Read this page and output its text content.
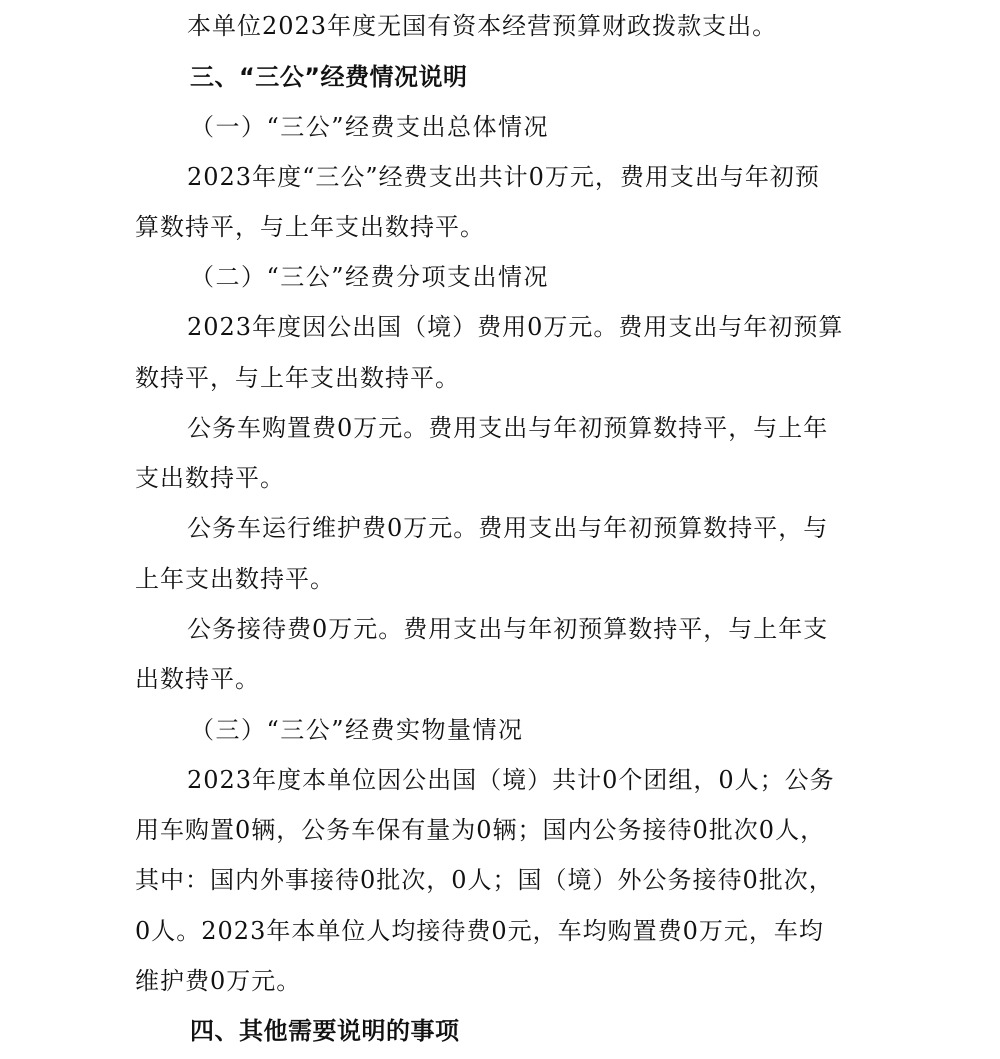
本单位2023年度无国有资本经营预算财政拨款支出。
三、“三公”经费情况说明
（一）“三公”经费支出总体情况
2023年度“三公”经费支出共计0万元，费用支出与年初预
算数持平，与上年支出数持平。
（二）“三公”经费分项支出情况
2023年度因公出国（境）费用0万元。费用支出与年初预算
数持平，与上年支出数持平。
公务车购置费0万元。费用支出与年初预算数持平，与上年
支出数持平。
公务车运行维护费0万元。费用支出与年初预算数持平，与
上年支出数持平。
公务接待费0万元。费用支出与年初预算数持平，与上年支
出数持平。
（三）“三公”经费实物量情况
2023年度本单位因公出国（境）共计0个团组，0人；公务
用车购置0辆，公务车保有量为0辆；国内公务接待0批次0人，
其中：国内外事接待0批次，0人；国（境）外公务接待0批次，
0人。2023年本单位人均接待费0元，车均购置费0万元，车均
维护费0万元。
四、其他需要说明的事项
